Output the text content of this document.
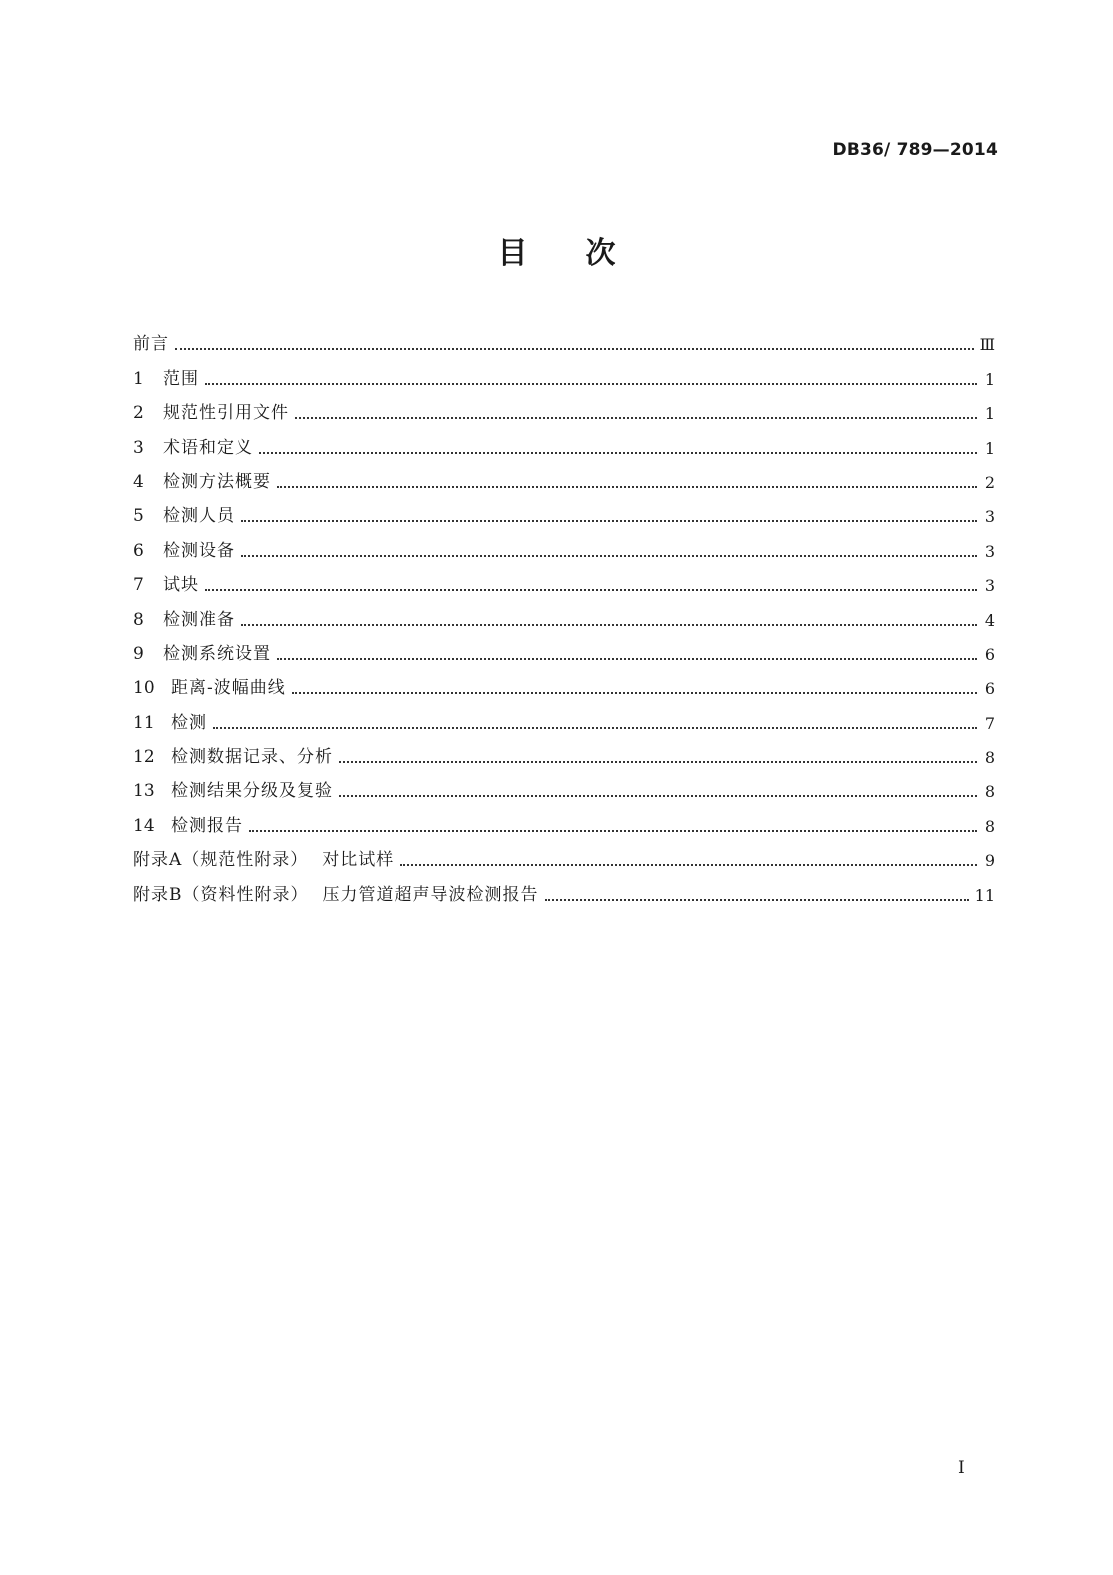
DB36/ 789—2014
目次
前言	Ⅲ
1	范围	1
2	规范性引用文件	1
3	术语和定义	1
4	检测方法概要	2
5	检测人员	3
6	检测设备	3
7	试块	3
8	检测准备	4
9	检测系统设置	6
10 距离-波幅曲线	6
11 检测	7
12 检测数据记录、分析	8
13 检测结果分级及复验	8
14 检测报告	8
附录A（规范性附录） 对比试样	9
附录B（资料性附录） 压力管道超声导波检测报告	11
I
